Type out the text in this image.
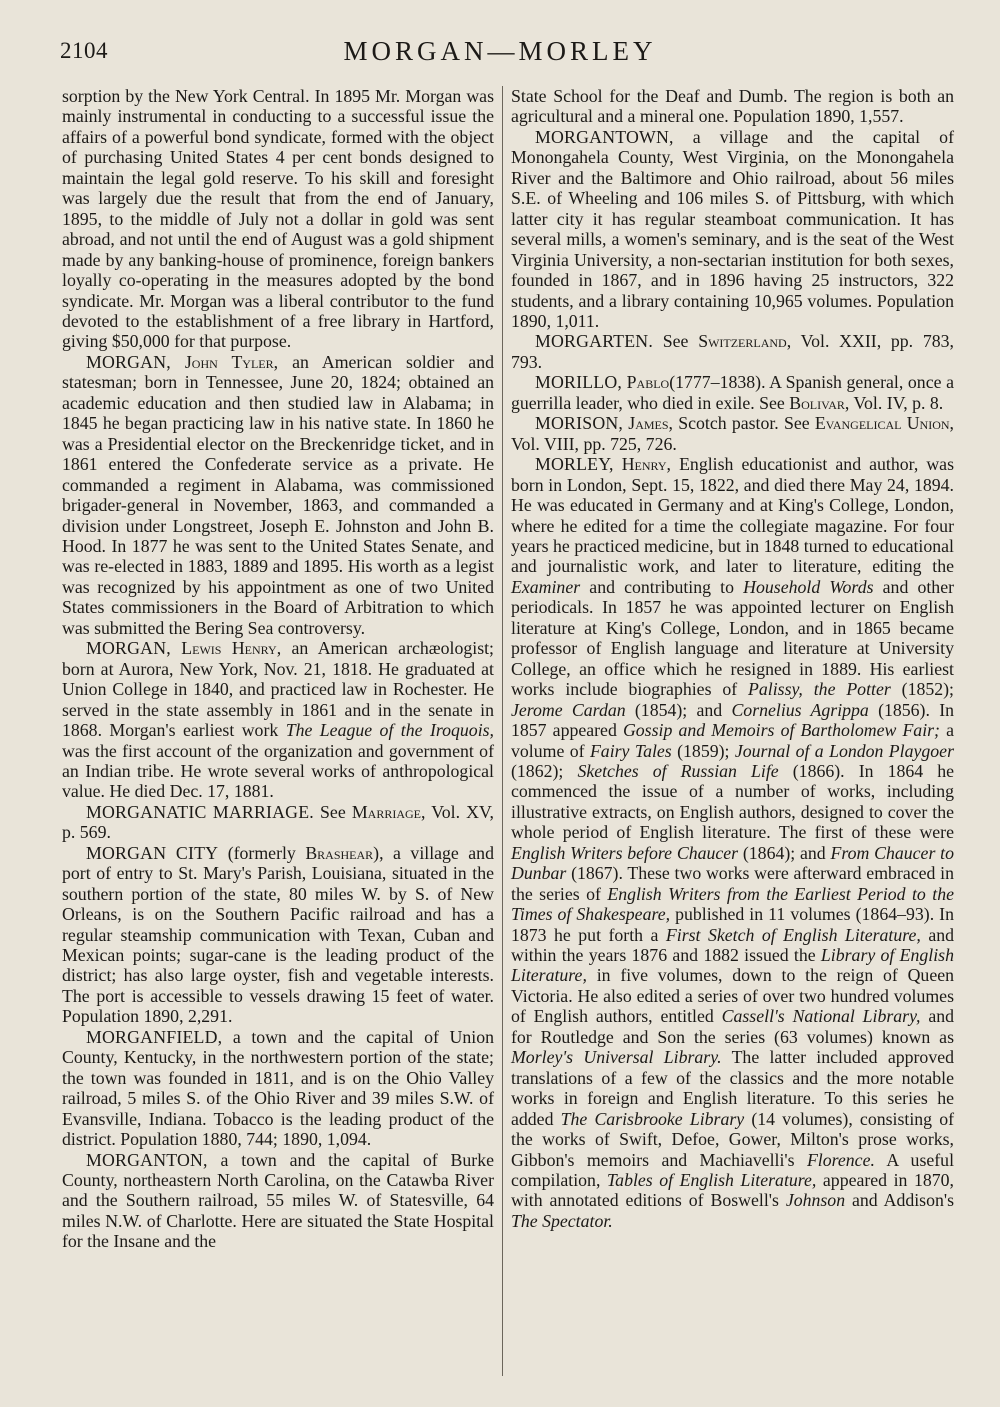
2104	MORGAN—MORLEY

sorption by the New York Central. In 1895 Mr. Morgan was mainly instrumental in conducting to a successful issue the affairs of a powerful bond syndicate, formed with the object of purchasing United States 4 per cent bonds designed to maintain the legal gold reserve. To his skill and foresight was largely due the result that from the end of January, 1895, to the middle of July not a dollar in gold was sent abroad, and not until the end of August was a gold shipment made by any banking-house of prominence, foreign bankers loyally co-operating in the measures adopted by the bond syndicate. Mr. Morgan was a liberal contributor to the fund devoted to the establishment of a free library in Hartford, giving $50,000 for that purpose.

MORGAN, John Tyler, an American soldier and statesman; born in Tennessee, June 20, 1824; obtained an academic education and then studied law in Alabama; in 1845 he began practicing law in his native state. In 1860 he was a Presidential elector on the Breckenridge ticket, and in 1861 entered the Confederate service as a private. He commanded a regiment in Alabama, was commissioned brigader-general in November, 1863, and commanded a division under Longstreet, Joseph E. Johnston and John B. Hood. In 1877 he was sent to the United States Senate, and was re-elected in 1883, 1889 and 1895. His worth as a legist was recognized by his appointment as one of two United States commissioners in the Board of Arbitration to which was submitted the Bering Sea controversy.

MORGAN, Lewis Henry, an American archæologist; born at Aurora, New York, Nov. 21, 1818. He graduated at Union College in 1840, and practiced law in Rochester. He served in the state assembly in 1861 and in the senate in 1868. Morgan's earliest work The League of the Iroquois, was the first account of the organization and government of an Indian tribe. He wrote several works of anthropological value. He died Dec. 17, 1881.

MORGANATIC MARRIAGE. See Marriage, Vol. XV, p. 569.

MORGAN CITY (formerly Brashear), a village and port of entry to St. Mary's Parish, Louisiana, situated in the southern portion of the state, 80 miles W. by S. of New Orleans, is on the Southern Pacific railroad and has a regular steamship communication with Texan, Cuban and Mexican points; sugar-cane is the leading product of the district; has also large oyster, fish and vegetable interests. The port is accessible to vessels drawing 15 feet of water. Population 1890, 2,291.

MORGANFIELD, a town and the capital of Union County, Kentucky, in the northwestern portion of the state; the town was founded in 1811, and is on the Ohio Valley railroad, 5 miles S. of the Ohio River and 39 miles S.W. of Evansville, Indiana. Tobacco is the leading product of the district. Population 1880, 744; 1890, 1,094.

MORGANTON, a town and the capital of Burke County, northeastern North Carolina, on the Catawba River and the Southern railroad, 55 miles W. of Statesville, 64 miles N.W. of Charlotte. Here are situated the State Hospital for the Insane and the

State School for the Deaf and Dumb. The region is both an agricultural and a mineral one. Population 1890, 1,557.

MORGANTOWN, a village and the capital of Monongahela County, West Virginia, on the Monongahela River and the Baltimore and Ohio railroad, about 56 miles S.E. of Wheeling and 106 miles S. of Pittsburg, with which latter city it has regular steamboat communication. It has several mills, a women's seminary, and is the seat of the West Virginia University, a non-sectarian institution for both sexes, founded in 1867, and in 1896 having 25 instructors, 322 students, and a library containing 10,965 volumes. Population 1890, 1,011.

MORGARTEN. See Switzerland, Vol. XXII, pp. 783, 793.

MORILLO, Pablo(1777–1838). A Spanish general, once a guerrilla leader, who died in exile. See Bolivar, Vol. IV, p. 8.

MORISON, James, Scotch pastor. See Evangelical Union, Vol. VIII, pp. 725, 726.

MORLEY, Henry, English educationist and author, was born in London, Sept. 15, 1822, and died there May 24, 1894. He was educated in Germany and at King's College, London, where he edited for a time the collegiate magazine. For four years he practiced medicine, but in 1848 turned to educational and journalistic work, and later to literature, editing the Examiner and contributing to Household Words and other periodicals. In 1857 he was appointed lecturer on English literature at King's College, London, and in 1865 became professor of English language and literature at University College, an office which he resigned in 1889. His earliest works include biographies of Palissy, the Potter (1852); Jerome Cardan (1854); and Cornelius Agrippa (1856). In 1857 appeared Gossip and Memoirs of Bartholomew Fair; a volume of Fairy Tales (1859); Journal of a London Playgoer (1862); Sketches of Russian Life (1866). In 1864 he commenced the issue of a number of works, including illustrative extracts, on English authors, designed to cover the whole period of English literature. The first of these were English Writers before Chaucer (1864); and From Chaucer to Dunbar (1867). These two works were afterward embraced in the series of English Writers from the Earliest Period to the Times of Shakespeare, published in 11 volumes (1864–93). In 1873 he put forth a First Sketch of English Literature, and within the years 1876 and 1882 issued the Library of English Literature, in five volumes, down to the reign of Queen Victoria. He also edited a series of over two hundred volumes of English authors, entitled Cassell's National Library, and for Routledge and Son the series (63 volumes) known as Morley's Universal Library. The latter included approved translations of a few of the classics and the more notable works in foreign and English literature. To this series he added The Carisbrooke Library (14 volumes), consisting of the works of Swift, Defoe, Gower, Milton's prose works, Gibbon's memoirs and Machiavelli's Florence. A useful compilation, Tables of English Literature, appeared in 1870, with annotated editions of Boswell's Johnson and Addison's The Spectator.
